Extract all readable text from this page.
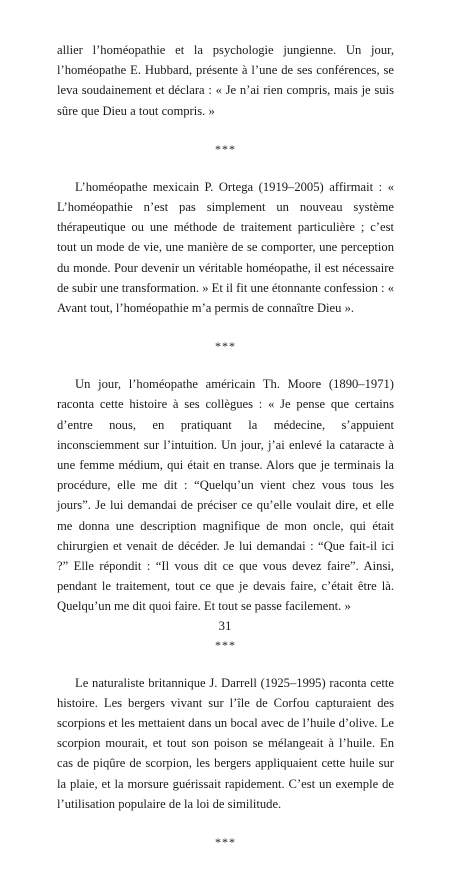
allier l’homéopathie et la psychologie jungienne. Un jour, l’homéopathe E. Hubbard, présente à l’une de ses conférences, se leva soudainement et déclara : « Je n’ai rien compris, mais je suis sûre que Dieu a tout compris. »

***

L’homéopathe mexicain P. Ortega (1919–2005) affirmait : « L’homéopathie n’est pas simplement un nouveau système thérapeutique ou une méthode de traitement particulière ; c’est tout un mode de vie, une manière de se comporter, une perception du monde. Pour devenir un véritable homéopathe, il est nécessaire de subir une transformation. » Et il fit une étonnante confession : « Avant tout, l’homéopathie m’a permis de connaître Dieu ».

***

Un jour, l’homéopathe américain Th. Moore (1890–1971) raconta cette histoire à ses collègues : « Je pense que certains d’entre nous, en pratiquant la médecine, s’appuient inconsciemment sur l’intuition. Un jour, j’ai enlevé la cataracte à une femme médium, qui était en transe. Alors que je terminais la procédure, elle me dit : “Quelqu’un vient chez vous tous les jours”. Je lui demandai de préciser ce qu’elle voulait dire, et elle me donna une description magnifique de mon oncle, qui était chirurgien et venait de décéder. Je lui demandai : “Que fait-il ici ?” Elle répondit : “Il vous dit ce que vous devez faire”. Ainsi, pendant le traitement, tout ce que je devais faire, c’était être là. Quelqu’un me dit quoi faire. Et tout se passe facilement. »

***

Le naturaliste britannique J. Darrell (1925–1995) raconta cette histoire. Les bergers vivant sur l’île de Corfou capturaient des scorpions et les mettaient dans un bocal avec de l’huile d’olive. Le scorpion mourait, et tout son poison se mélangeait à l’huile. En cas de piqûre de scorpion, les bergers appliquaient cette huile sur la plaie, et la morsure guérissait rapidement. C’est un exemple de l’utilisation populaire de la loi de similitude.

***
31
